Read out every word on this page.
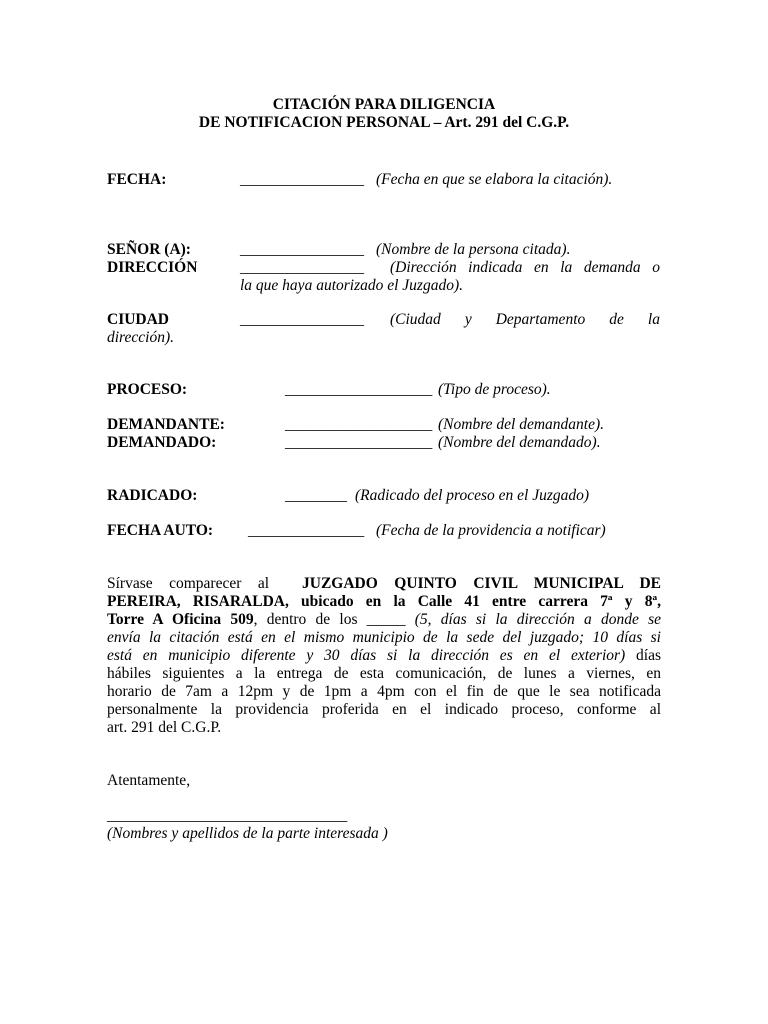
CITACIÓN PARA DILIGENCIA
DE NOTIFICACION PERSONAL – Art. 291 del C.G.P.
FECHA:	________________ (Fecha en que se elabora la citación).
SEÑOR (A):	________________ (Nombre de la persona citada).
DIRECCIÓN	________________ (Dirección indicada en la demanda o
la que haya autorizado el Juzgado).
CIUDAD	________________ (Ciudad y Departamento de la
dirección).
PROCESO:	___________________ (Tipo de proceso).
DEMANDANTE:	___________________ (Nombre del demandante).
DEMANDADO:	___________________ (Nombre del demandado).
RADICADO:	________ (Radicado del proceso en el Juzgado)
FECHA AUTO: _______________ (Fecha de la providencia a notificar)
Sírvase comparecer al JUZGADO QUINTO CIVIL MUNICIPAL DE
PEREIRA, RISARALDA, ubicado en la Calle 41 entre carrera 7ª y 8ª,
Torre A Oficina 509, dentro de los _____ (5, días si la dirección a donde se
envía la citación está en el mismo municipio de la sede del juzgado; 10 días si
está en municipio diferente y 30 días si la dirección es en el exterior) días
hábiles siguientes a la entrega de esta comunicación, de lunes a viernes, en
horario de 7am a 12pm y de 1pm a 4pm con el fin de que le sea notificada
personalmente la providencia proferida en el indicado proceso, conforme al
art. 291 del C.G.P.
Atentamente,
_______________________________
(Nombres y apellidos de la parte interesada )
